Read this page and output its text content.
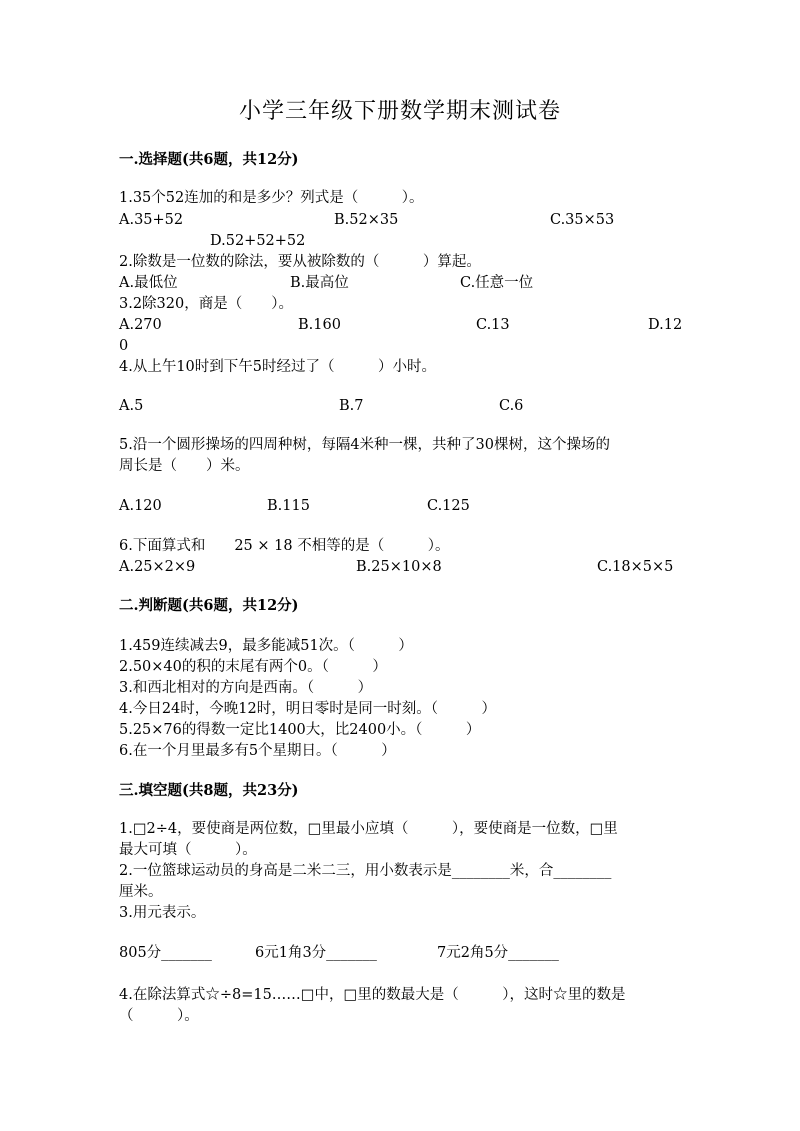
小学三年级下册数学期末测试卷
一.选择题(共6题，共12分)
1.35个52连加的和是多少？列式是（　　　）。
A.35+52	B.52×35	C.35×53
D.52+52+52
2.除数是一位数的除法，要从被除数的（　　　）算起。
A.最低位	B.最高位	C.任意一位
3.2除320，商是（　　）。
A.270	B.160	C.13	D.12
0
4.从上午10时到下午5时经过了（　　　）小时。
A.5	B.7	C.6
5.沿一个圆形操场的四周种树，每隔4米种一棵，共种了30棵树，这个操场的
周长是（　　）米。
A.120	B.115	C.125
6.下面算式和　　25 × 18 不相等的是（　　　）。
A.25×2×9	B.25×10×8	C.18×5×5
二.判断题(共6题，共12分)
1.459连续减去9，最多能减51次。（　　　）
2.50×40的积的末尾有两个0。（　　　）
3.和西北相对的方向是西南。（　　　）
4.今日24时，今晚12时，明日零时是同一时刻。（　　　）
5.25×76的得数一定比1400大，比2400小。（　　　）
6.在一个月里最多有5个星期日。（　　　）
三.填空题(共8题，共23分)
1.□2÷4，要使商是两位数，□里最小应填（　　　），要使商是一位数，□里
最大可填（　　　）。
2.一位篮球运动员的身高是二米二三，用小数表示是________米，合________
厘米。
3.用元表示。
805分_______	6元1角3分_______	7元2角5分_______
4.在除法算式☆÷8=15……□中，□里的数最大是（　　　），这时☆里的数是
（　　　）。
